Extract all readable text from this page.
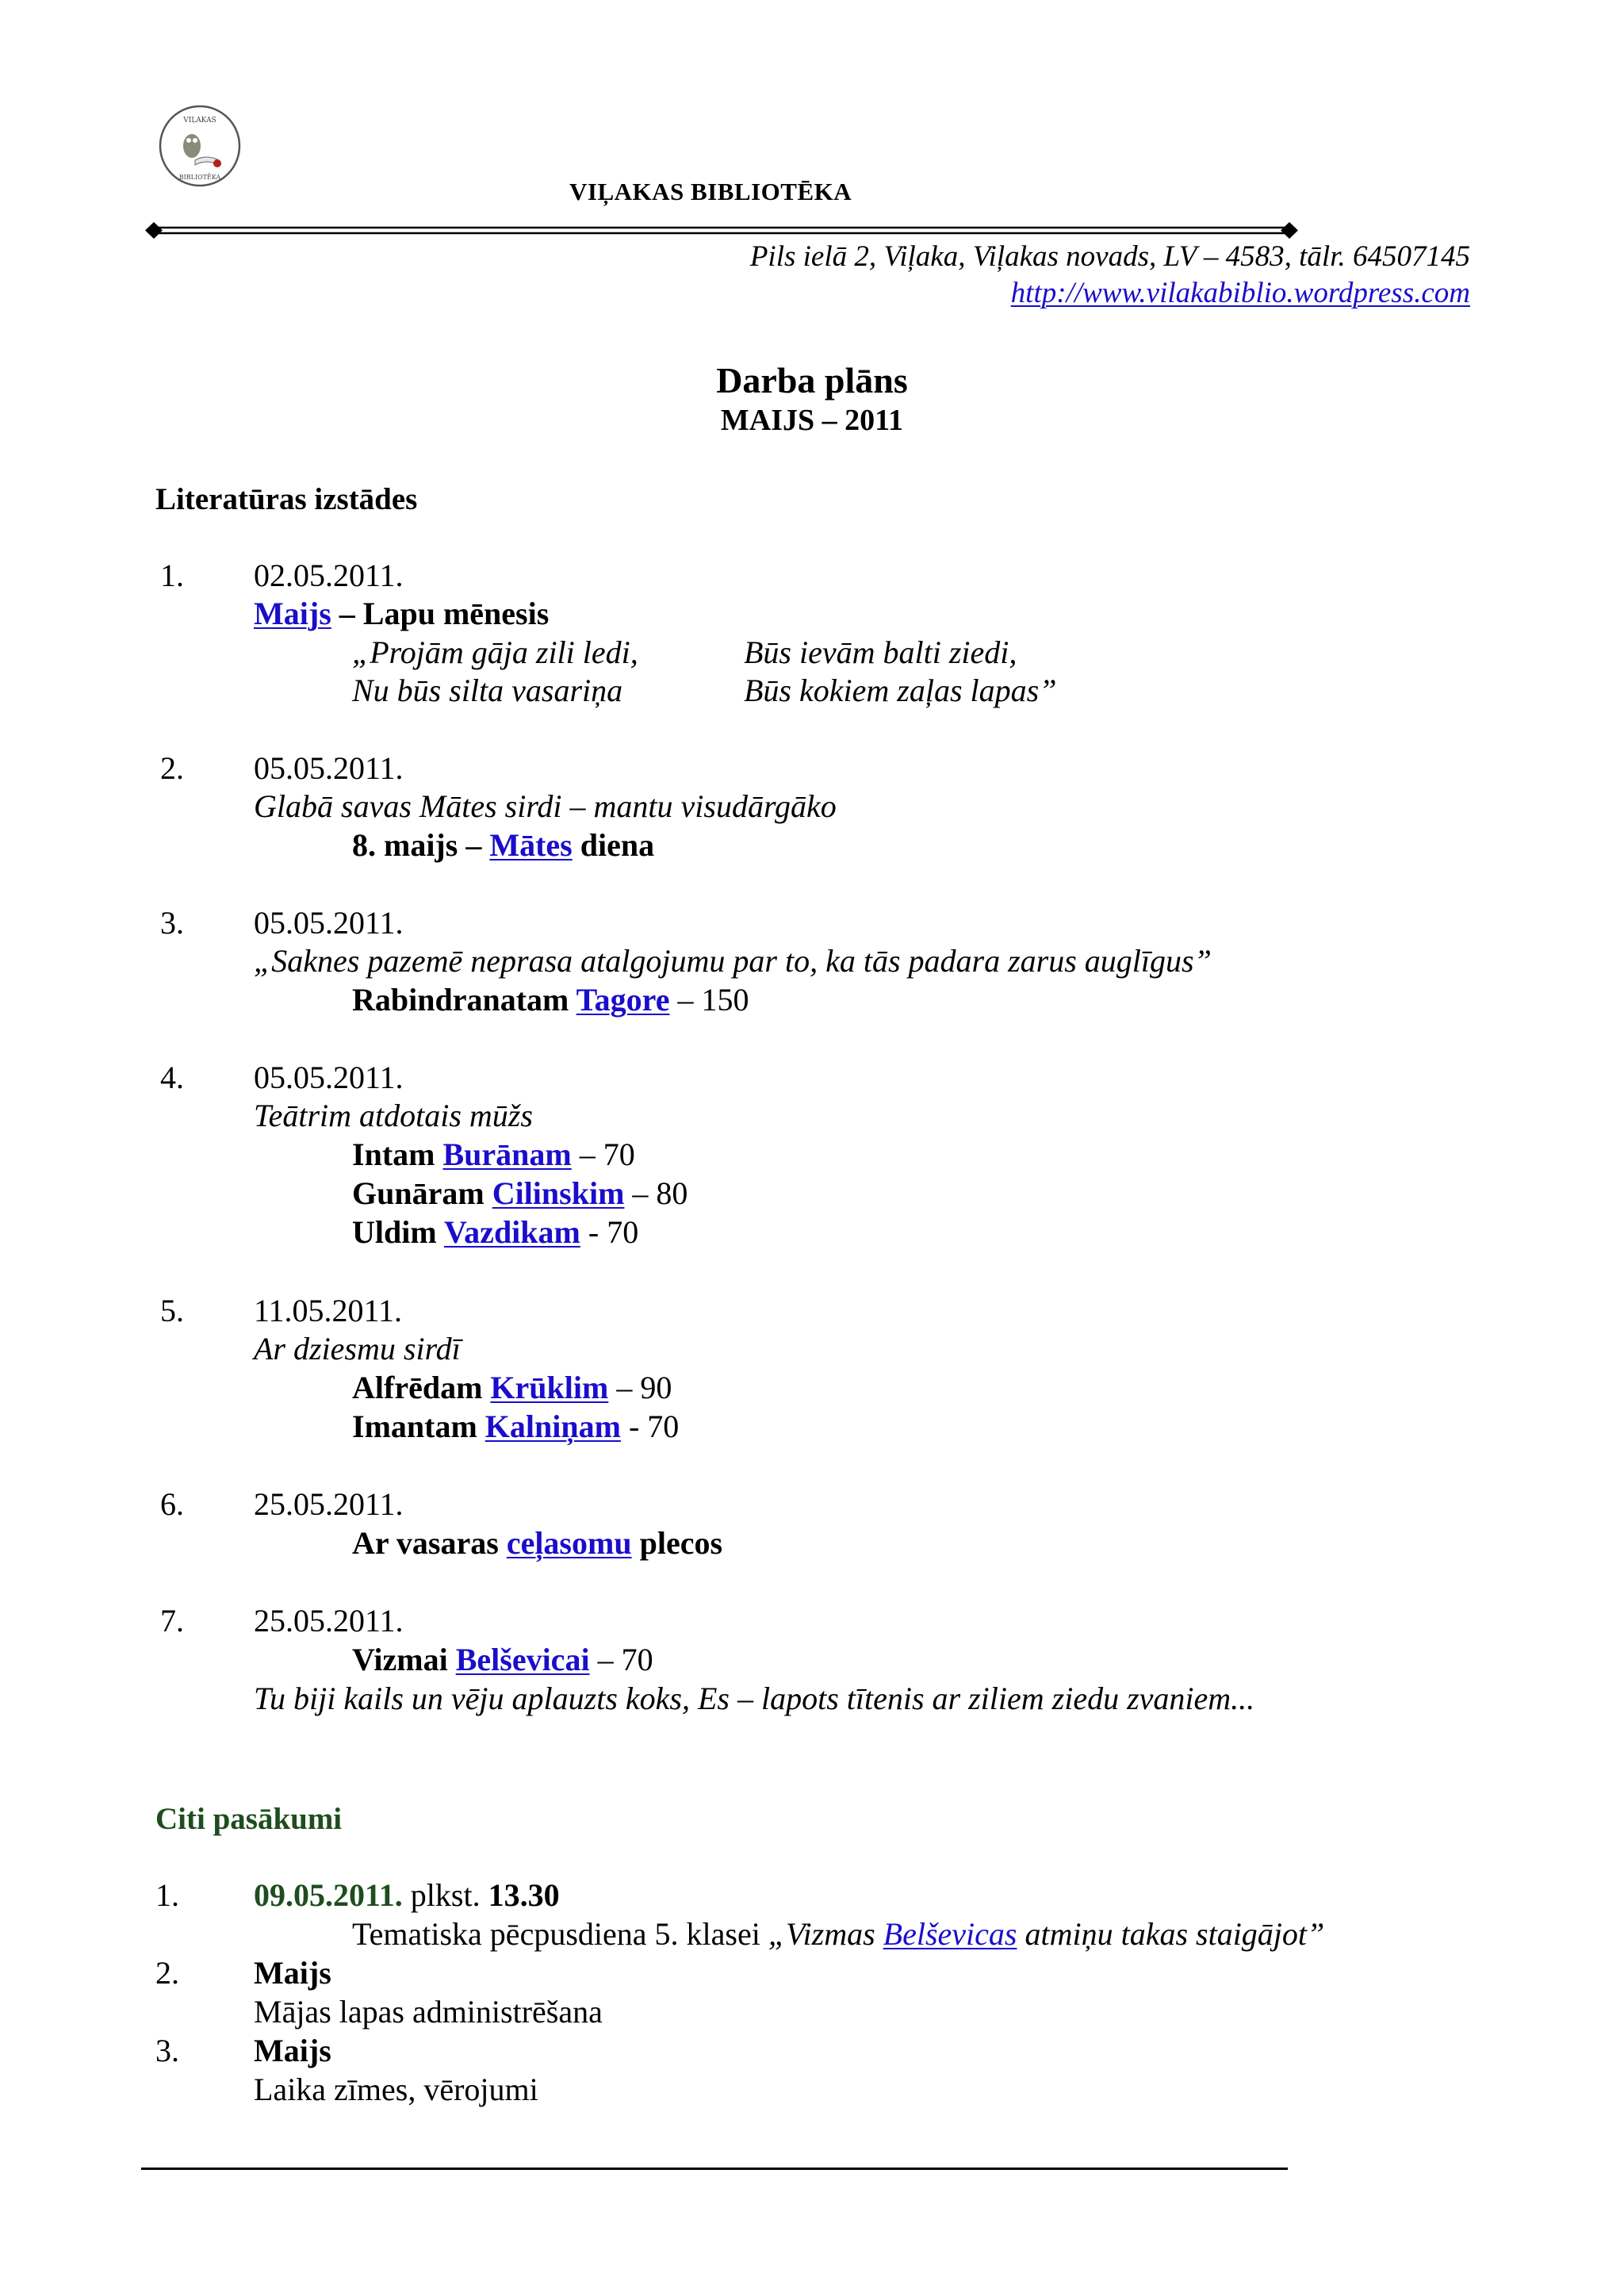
VIĻAKAS
BIBLIOTĒKA
VIĻAKAS BIBLIOTĒKA
Pils ielā 2, Viļaka, Viļakas novads, LV – 4583, tālr. 64507145
http://www.vilakabiblio.wordpress.com
Darba plāns
MAIJS – 2011
Literatūras izstādes
1. 02.05.2011.
Maijs – Lapu mēnesis
„Projām gāja zili ledi,
Nu būs silta vasariņa
Būs ievām balti ziedi,
Būs kokiem zaļas lapas”
2. 05.05.2011.
Glabā savas Mātes sirdi – mantu visudārgāko
8. maijs – Mātes diena
3. 05.05.2011.
„Saknes pazemē neprasa atalgojumu par to, ka tās padara zarus auglīgus”
Rabindranatam Tagore – 150
4. 05.05.2011.
Teātrim atdotais mūžs
Intam Burānam – 70
Gunāram Cilinskim – 80
Uldim Vazdikam - 70
5. 11.05.2011.
Ar dziesmu sirdī
Alfrēdam Krūklim – 90
Imantam Kalniņam - 70
6. 25.05.2011.
Ar vasaras ceļasomu plecos
7. 25.05.2011.
Vizmai Belševicai – 70
Tu biji kails un vēju aplauzts koks, Es – lapots tītenis ar ziliem ziedu zvaniem...
Citi pasākumi
1. 09.05.2011. plkst. 13.30
Tematiska pēcpusdiena 5. klasei „Vizmas Belševicas atmiņu takas staigājot”
2. Maijs
Mājas lapas administrēšana
3. Maijs
Laika zīmes, vērojumi
